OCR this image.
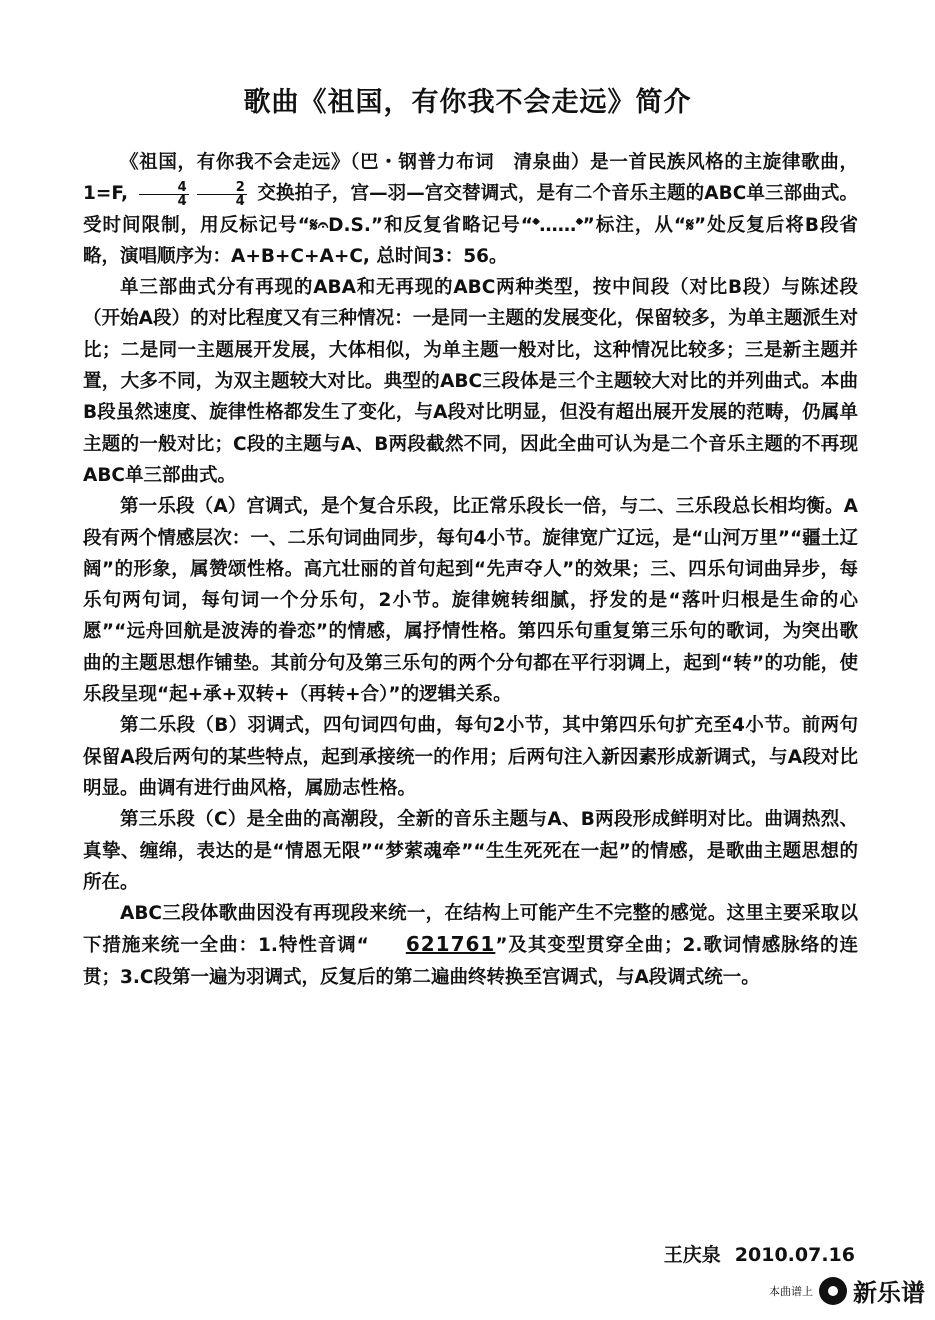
歌曲《祖国，有你我不会走远》简介

《祖国，有你我不会走远》（巴・钢普力布词　清泉曲）是一首民族风格的主旋律歌曲，1=F, $\frac{4}{4} \frac{2}{4}$ 交换拍子，宫—羽—宫交替调式，是有二个音乐主题的ABC单三部曲式。受时间限制，用反标记号“𝄋𝄐D.S.”和反复省略记号“𝄌……𝄌”标注，从“𝄋”处反复后将B段省略，演唱顺序为：A+B+C+A+C, 总时间3：56。

单三部曲式分有再现的ABA和无再现的ABC两种类型，按中间段（对比B段）与陈述段（开始A段）的对比程度又有三种情况：一是同一主题的发展变化，保留较多，为单主题派生对比；二是同一主题展开发展，大体相似，为单主题一般对比，这种情况比较多；三是新主题并置，大多不同，为双主题较大对比。典型的ABC三段体是三个主题较大对比的并列曲式。本曲B段虽然速度、旋律性格都发生了变化，与A段对比明显，但没有超出展开发展的范畴，仍属单主题的一般对比；C段的主题与A、B两段截然不同，因此全曲可认为是二个音乐主题的不再现ABC单三部曲式。

第一乐段（A）宫调式，是个复合乐段，比正常乐段长一倍，与二、三乐段总长相均衡。A段有两个情感层次：一、二乐句词曲同步，每句4小节。旋律宽广辽远，是“山河万里”“疆土辽阔”的形象，属赞颂性格。高亢壮丽的首句起到“先声夺人”的效果；三、四乐句词曲异步，每乐句两句词，每句词一个分乐句，2小节。旋律婉转细腻，抒发的是“落叶归根是生命的心愿”“远舟回航是波涛的眷恋”的情感，属抒情性格。第四乐句重复第三乐句的歌词，为突出歌曲的主题思想作铺垫。其前分句及第三乐句的两个分句都在平行羽调上，起到“转”的功能，使乐段呈现“起+承+双转+（再转+合）”的逻辑关系。

第二乐段（B）羽调式，四句词四句曲，每句2小节，其中第四乐句扩充至4小节。前两句保留A段后两句的某些特点，起到承接统一的作用；后两句注入新因素形成新调式，与A段对比明显。曲调有进行曲风格，属励志性格。

第三乐段（C）是全曲的高潮段，全新的音乐主题与A、B两段形成鲜明对比。曲调热烈、真挚、缠绵，表达的是“情恩无限”“梦萦魂牵”“生生死死在一起”的情感，是歌曲主题思想的所在。

ABC三段体歌曲因没有再现段来统一，在结构上可能产生不完整的感觉。这里主要采取以下措施来统一全曲：1.特性音调“ 621761”及其变型贯穿全曲；2.歌词情感脉络的连贯；3.C段第一遍为羽调式，反复后的第二遍曲终转换至宫调式，与A段调式统一。

王庆泉 2010.07.16
本曲谱上 新乐谱
